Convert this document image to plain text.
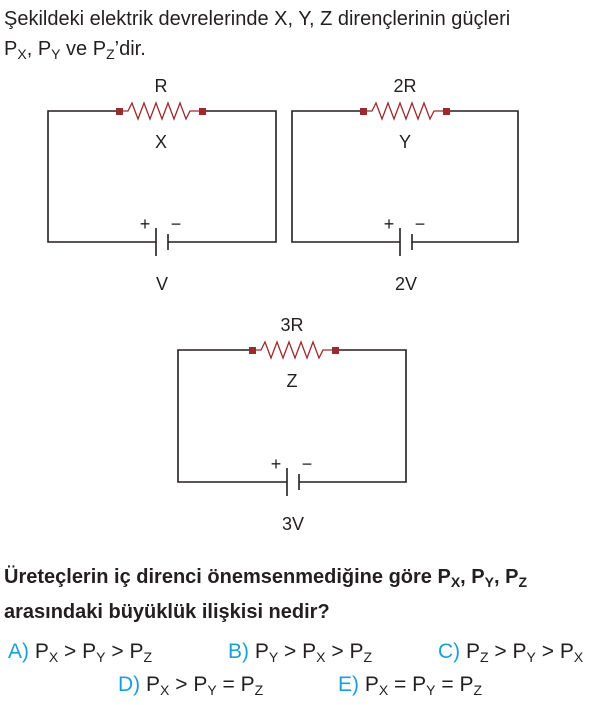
Şekildeki elektrik devrelerinde X, Y, Z dirençlerinin güçleri
$P_X$, $P_Y$ ve $P_Z’dir$.
R
X
+ −
V
2R
Y
+ −
2V
3R
Z
+ −
3V
Üreteçlerin iç direnci önemsenmediğine göre $P_X$, $P_Y$, $P_Z$
arasındaki büyüklük ilişkisi nedir?
A) $P_X > P_Y > P_Z$	B) $P_Y > P_X > P_Z$	C) $P_Z > P_Y > P_X$
D) $P_X > P_Y = P_Z$	E) $P_X = P_Y = P_Z$
